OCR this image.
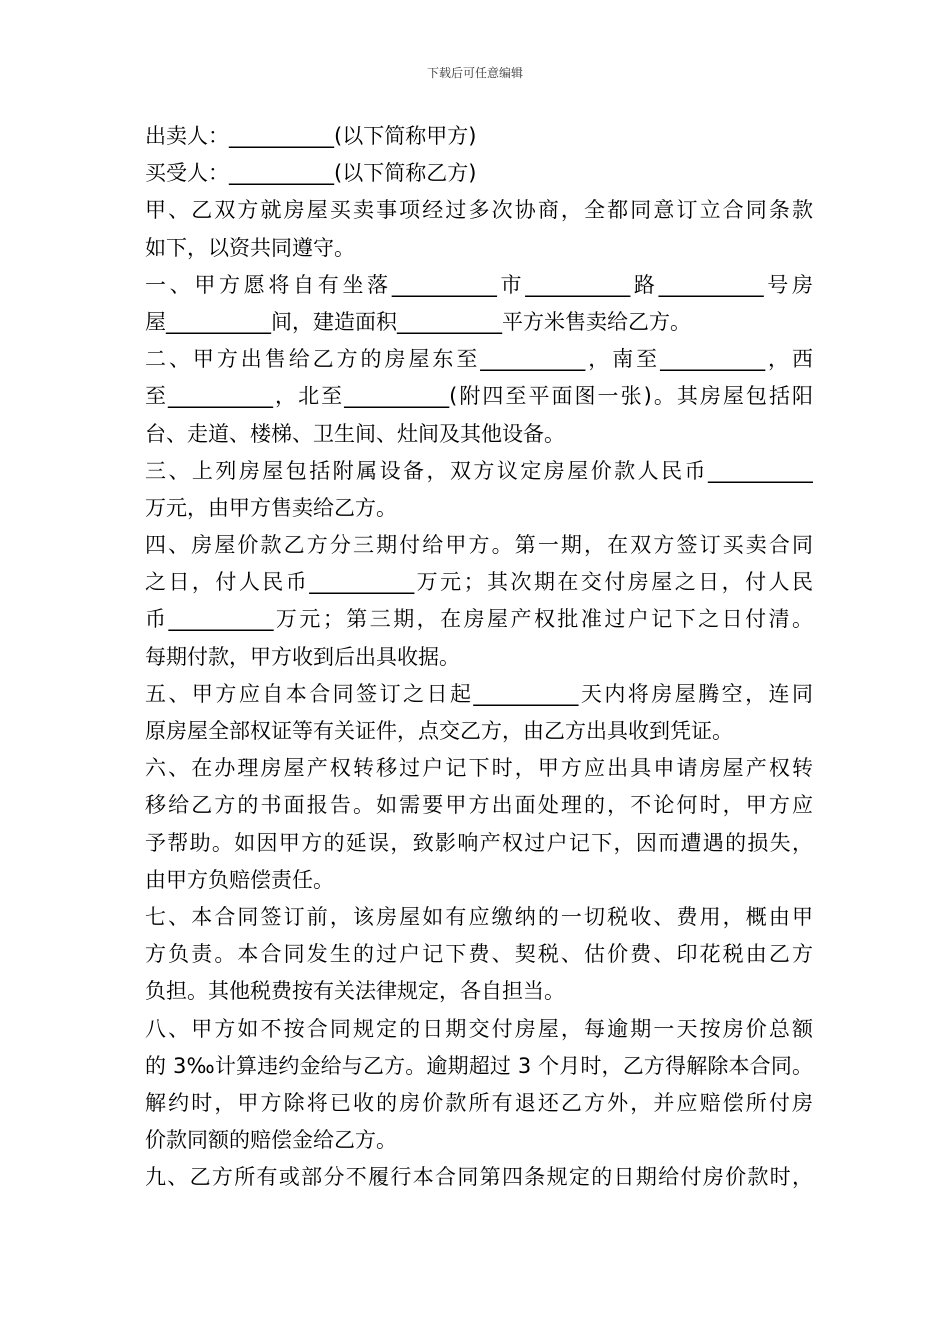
下载后可任意编辑
出卖人：__________(以下简称甲方)
买受人：__________(以下简称乙方)
甲、乙双方就房屋买卖事项经过多次协商，全都同意订立合同条款
如下，以资共同遵守。
一、甲方愿将自有坐落__________市__________路__________号房
屋__________间，建造面积__________平方米售卖给乙方。
二、甲方出售给乙方的房屋东至__________，南至__________，西
至__________，北至__________(附四至平面图一张)。其房屋包括阳
台、走道、楼梯、卫生间、灶间及其他设备。
三、上列房屋包括附属设备，双方议定房屋价款人民币__________
万元，由甲方售卖给乙方。
四、房屋价款乙方分三期付给甲方。第一期，在双方签订买卖合同
之日，付人民币__________万元；其次期在交付房屋之日，付人民
币__________万元；第三期，在房屋产权批准过户记下之日付清。
每期付款，甲方收到后出具收据。
五、甲方应自本合同签订之日起__________天内将房屋腾空，连同
原房屋全部权证等有关证件，点交乙方，由乙方出具收到凭证。
六、在办理房屋产权转移过户记下时，甲方应出具申请房屋产权转
移给乙方的书面报告。如需要甲方出面处理的，不论何时，甲方应
予帮助。如因甲方的延误，致影响产权过户记下，因而遭遇的损失，
由甲方负赔偿责任。
七、本合同签订前，该房屋如有应缴纳的一切税收、费用，概由甲
方负责。本合同发生的过户记下费、契税、估价费、印花税由乙方
负担。其他税费按有关法律规定，各自担当。
八、甲方如不按合同规定的日期交付房屋，每逾期一天按房价总额
的 3‰计算违约金给与乙方。逾期超过 3 个月时，乙方得解除本合同。
解约时，甲方除将已收的房价款所有退还乙方外，并应赔偿所付房
价款同额的赔偿金给乙方。
九、乙方所有或部分不履行本合同第四条规定的日期给付房价款时，
